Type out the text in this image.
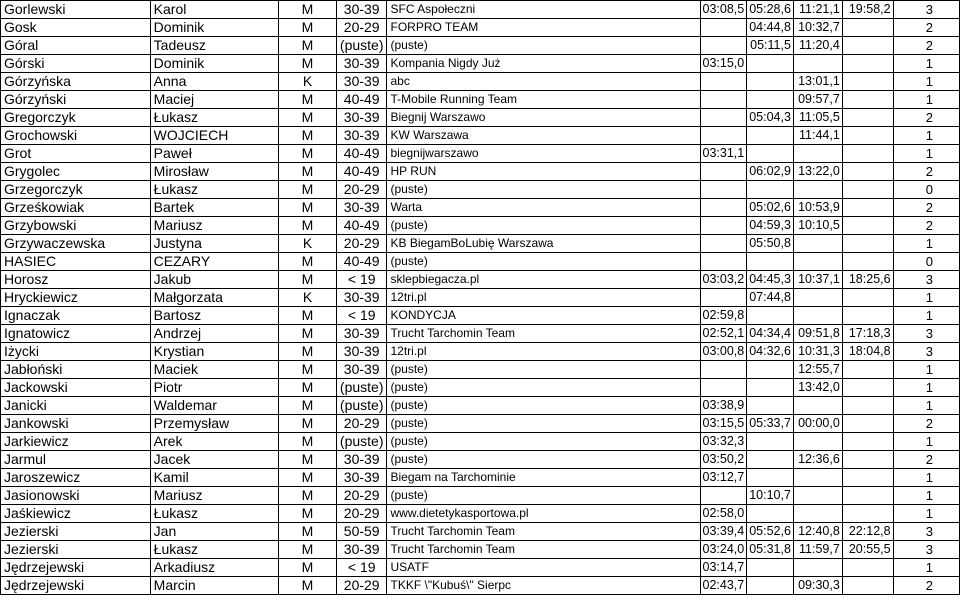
Gorlewski	Karol	M	30-39	SFC Aspołeczni	03:08,5	05:28,6	11:21,1	19:58,2	3
Gosk	Dominik	M	20-29	FORPRO TEAM		04:44,8	10:32,7		2
Góral	Tadeusz	M	(puste)	(puste)		05:11,5	11:20,4		2
Górski	Dominik	M	30-39	Kompania Nigdy Już	03:15,0				1
Górzyńska	Anna	K	30-39	abc			13:01,1		1
Górzyński	Maciej	M	40-49	T-Mobile Running Team			09:57,7		1
Gregorczyk	Łukasz	M	30-39	Biegnij Warszawo		05:04,3	11:05,5		2
Grochowski	WOJCIECH	M	30-39	KW Warszawa			11:44,1		1
Grot	Paweł	M	40-49	biegnijwarszawo	03:31,1				1
Grygolec	Mirosław	M	40-49	HP RUN		06:02,9	13:22,0		2
Grzegorczyk	Łukasz	M	20-29	(puste)					0
Grześkowiak	Bartek	M	30-39	Warta		05:02,6	10:53,9		2
Grzybowski	Mariusz	M	40-49	(puste)		04:59,3	10:10,5		2
Grzywaczewska	Justyna	K	20-29	KB BiegamBoLubię Warszawa		05:50,8			1
HASIEC	CEZARY	M	40-49	(puste)					0
Horosz	Jakub	M	< 19	sklepbiegacza.pl	03:03,2	04:45,3	10:37,1	18:25,6	3
Hryckiewicz	Małgorzata	K	30-39	12tri.pl		07:44,8			1
Ignaczak	Bartosz	M	< 19	KONDYCJA	02:59,8				1
Ignatowicz	Andrzej	M	30-39	Trucht Tarchomin Team	02:52,1	04:34,4	09:51,8	17:18,3	3
Iżycki	Krystian	M	30-39	12tri.pl	03:00,8	04:32,6	10:31,3	18:04,8	3
Jabłoński	Maciek	M	30-39	(puste)			12:55,7		1
Jackowski	Piotr	M	(puste)	(puste)			13:42,0		1
Janicki	Waldemar	M	(puste)	(puste)	03:38,9				1
Jankowski	Przemysław	M	20-29	(puste)	03:15,5	05:33,7	00:00,0		2
Jarkiewicz	Arek	M	(puste)	(puste)	03:32,3				1
Jarmul	Jacek	M	30-39	(puste)	03:50,2		12:36,6		2
Jaroszewicz	Kamil	M	30-39	Biegam na Tarchominie	03:12,7				1
Jasionowski	Mariusz	M	20-29	(puste)		10:10,7			1
Jaśkiewicz	Łukasz	M	20-29	www.dietetykasportowa.pl	02:58,0				1
Jezierski	Jan	M	50-59	Trucht Tarchomin Team	03:39,4	05:52,6	12:40,8	22:12,8	3
Jezierski	Łukasz	M	30-39	Trucht Tarchomin Team	03:24,0	05:31,8	11:59,7	20:55,5	3
Jędrzejewski	Arkadiusz	M	< 19	USATF	03:14,7				1
Jędrzejewski	Marcin	M	20-29	TKKF \"Kubuś\" Sierpc	02:43,7		09:30,3		2
